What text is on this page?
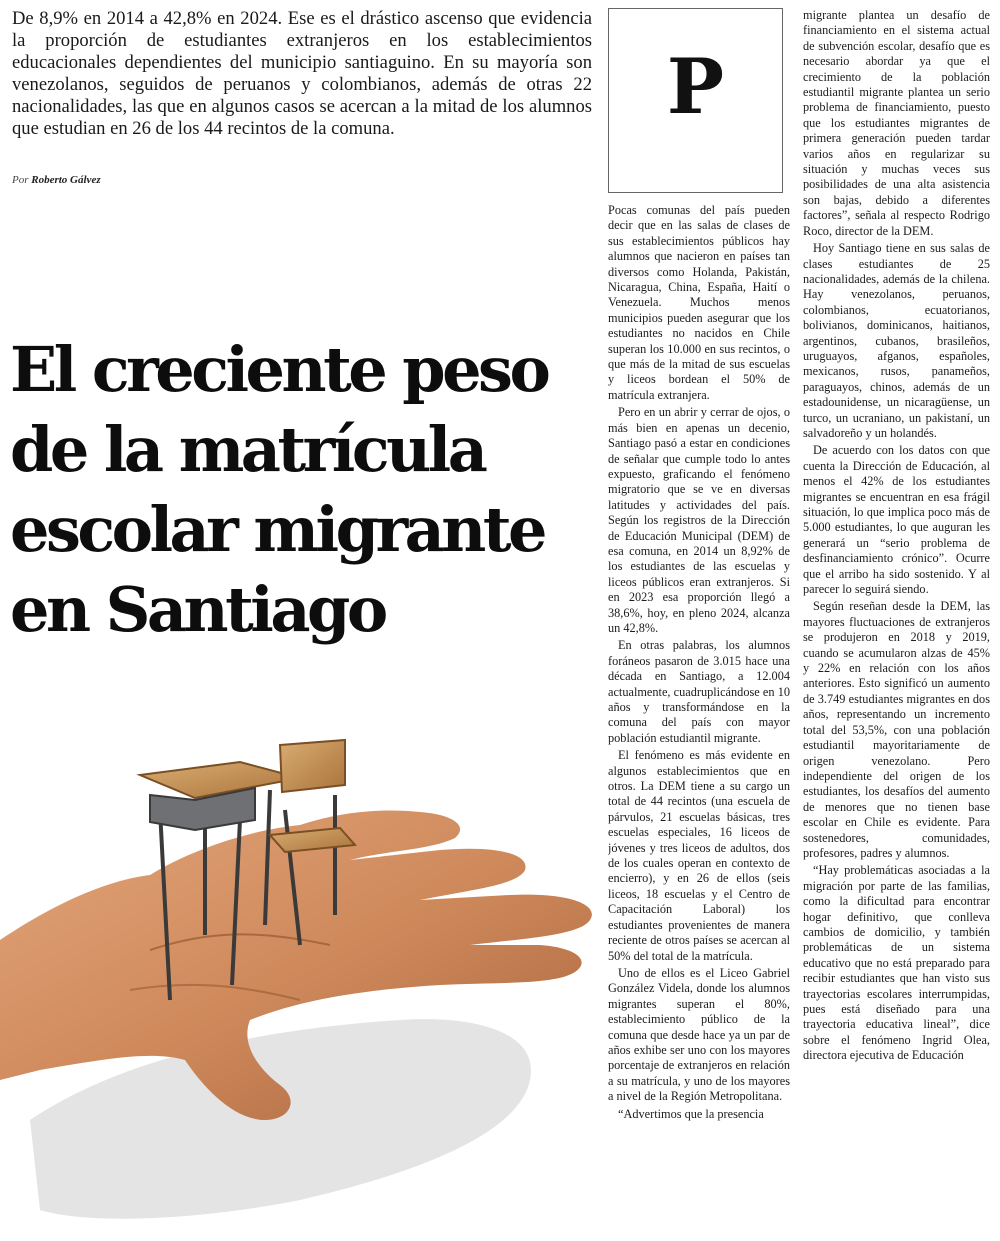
De 8,9% en 2014 a 42,8% en 2024. Ese es el drástico ascenso que evidencia la proporción de estudiantes extranjeros en los establecimientos educacionales dependientes del municipio santiaguino. En su mayoría son venezolanos, seguidos de peruanos y colombianos, además de otras 22 nacionalidades, las que en algunos casos se acercan a la mitad de los alumnos que estudian en 26 de los 44 recintos de la comuna.
Por Roberto Gálvez
El creciente peso
de la matrícula
escolar migrante
en Santiago
P

Pocas comunas del país pueden decir que en las salas de clases de sus establecimientos públicos hay alumnos que nacieron en países tan diversos como Holanda, Pakistán, Nicaragua, China, España, Haití o Venezuela. Muchos menos municipios pueden asegurar que los estudiantes no nacidos en Chile superan los 10.000 en sus recintos, o que más de la mitad de sus escuelas y liceos bordean el 50% de matrícula extranjera.

Pero en un abrir y cerrar de ojos, o más bien en apenas un decenio, Santiago pasó a estar en condiciones de señalar que cumple todo lo antes expuesto, graficando el fenómeno migratorio que se ve en diversas latitudes y actividades del país. Según los registros de la Dirección de Educación Municipal (DEM) de esa comuna, en 2014 un 8,92% de los estudiantes de las escuelas y liceos públicos eran extranjeros. Si en 2023 esa proporción llegó a 38,6%, hoy, en pleno 2024, alcanza un 42,8%.

En otras palabras, los alumnos foráneos pasaron de 3.015 hace una década en Santiago, a 12.004 actualmente, cuadruplicándose en 10 años y transformándose en la comuna del país con mayor población estudiantil migrante.

El fenómeno es más evidente en algunos establecimientos que en otros. La DEM tiene a su cargo un total de 44 recintos (una escuela de párvulos, 21 escuelas básicas, tres escuelas especiales, 16 liceos de jóvenes y tres liceos de adultos, dos de los cuales operan en contexto de encierro), y en 26 de ellos (seis liceos, 18 escuelas y el Centro de Capacitación Laboral) los estudiantes provenientes de manera reciente de otros países se acercan al 50% del total de la matrícula.

Uno de ellos es el Liceo Gabriel González Videla, donde los alumnos migrantes superan el 80%, establecimiento público de la comuna que desde hace ya un par de años exhibe ser uno con los mayores porcentaje de extranjeros en relación a su matrícula, y uno de los mayores a nivel de la Región Metropolitana.

“Advertimos que la presencia

migrante plantea un desafío de financiamiento en el sistema actual de subvención escolar, desafío que es necesario abordar ya que el crecimiento de la población estudiantil migrante plantea un serio problema de financiamiento, puesto que los estudiantes migrantes de primera generación pueden tardar varios años en regularizar su situación y muchas veces sus posibilidades de una alta asistencia son bajas, debido a diferentes factores”, señala al respecto Rodrigo Roco, director de la DEM.

Hoy Santiago tiene en sus salas de clases estudiantes de 25 nacionalidades, además de la chilena. Hay venezolanos, peruanos, colombianos, ecuatorianos, bolivianos, dominicanos, haitianos, argentinos, cubanos, brasileños, uruguayos, afganos, españoles, mexicanos, rusos, panameños, paraguayos, chinos, además de un estadounidense, un nicaragüense, un turco, un ucraniano, un pakistaní, un salvadoreño y un holandés.

De acuerdo con los datos con que cuenta la Dirección de Educación, al menos el 42% de los estudiantes migrantes se encuentran en esa frágil situación, lo que implica poco más de 5.000 estudiantes, lo que auguran les generará un “serio problema de desfinanciamiento crónico”. Ocurre que el arribo ha sido sostenido. Y al parecer lo seguirá siendo.

Según reseñan desde la DEM, las mayores fluctuaciones de extranjeros se produjeron en 2018 y 2019, cuando se acumularon alzas de 45% y 22% en relación con los años anteriores. Esto significó un aumento de 3.749 estudiantes migrantes en dos años, representando un incremento total del 53,5%, con una población estudiantil mayoritariamente de origen venezolano. Pero independiente del origen de los estudiantes, los desafíos del aumento de menores que no tienen base escolar en Chile es evidente. Para sostenedores, comunidades, profesores, padres y alumnos.

“Hay problemáticas asociadas a la migración por parte de las familias, como la dificultad para encontrar hogar definitivo, que conlleva cambios de domicilio, y también problemáticas de un sistema educativo que no está preparado para recibir estudiantes que han visto sus trayectorias escolares interrumpidas, pues está diseñado para una trayectoria educativa lineal”, dice sobre el fenómeno Ingrid Olea, directora ejecutiva de Educación
